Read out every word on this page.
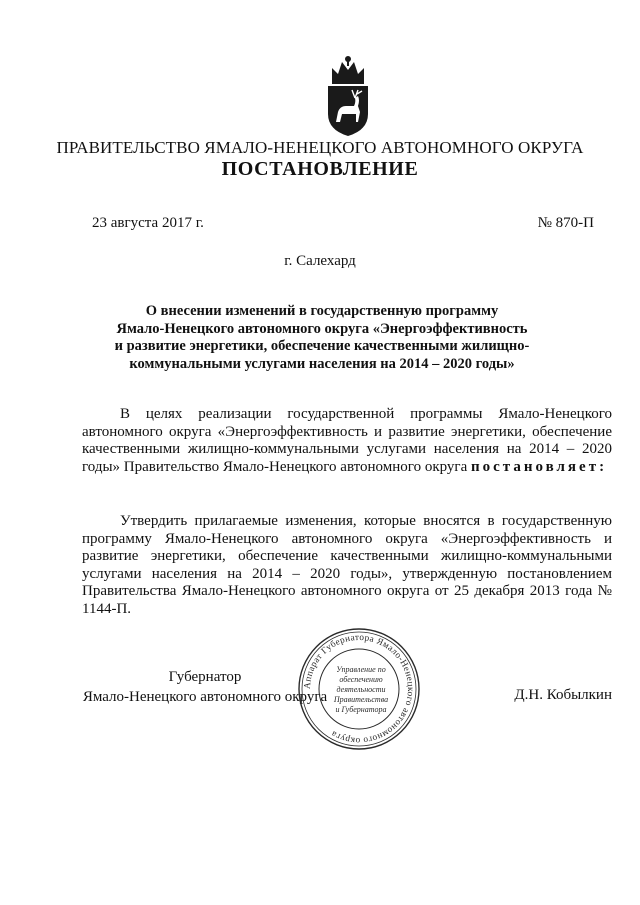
ПРАВИТЕЛЬСТВО ЯМАЛО-НЕНЕЦКОГО АВТОНОМНОГО ОКРУГА
ПОСТАНОВЛЕНИЕ
23 августа 2017 г.	№ 870-П
г. Салехард
О внесении изменений в государственную программу
Ямало-Ненецкого автономного округа «Энергоэффективность
и развитие энергетики, обеспечение качественными жилищно-
коммунальными услугами населения на 2014 – 2020 годы»
В целях реализации государственной программы Ямало-Ненецкого автономного округа «Энергоэффективность и развитие энергетики, обеспечение качественными жилищно-коммунальными услугами населения на 2014 – 2020 годы» Правительство Ямало-Ненецкого автономного округа постановляет:
Утвердить прилагаемые изменения, которые вносятся в государственную программу Ямало-Ненецкого автономного округа «Энергоэффективность и развитие энергетики, обеспечение качественными жилищно-коммунальными услугами населения на 2014 – 2020 годы», утвержденную постановлением Правительства Ямало-Ненецкого автономного округа от 25 декабря 2013 года № 1144-П.
Губернатор
Ямало-Ненецкого автономного округа	Д.Н. Кобылкин
Аппарат Губернатора Ямало-Ненецкого автономного округа
Управление по
обеспечению
деятельности
Правительства
и Губернатора
